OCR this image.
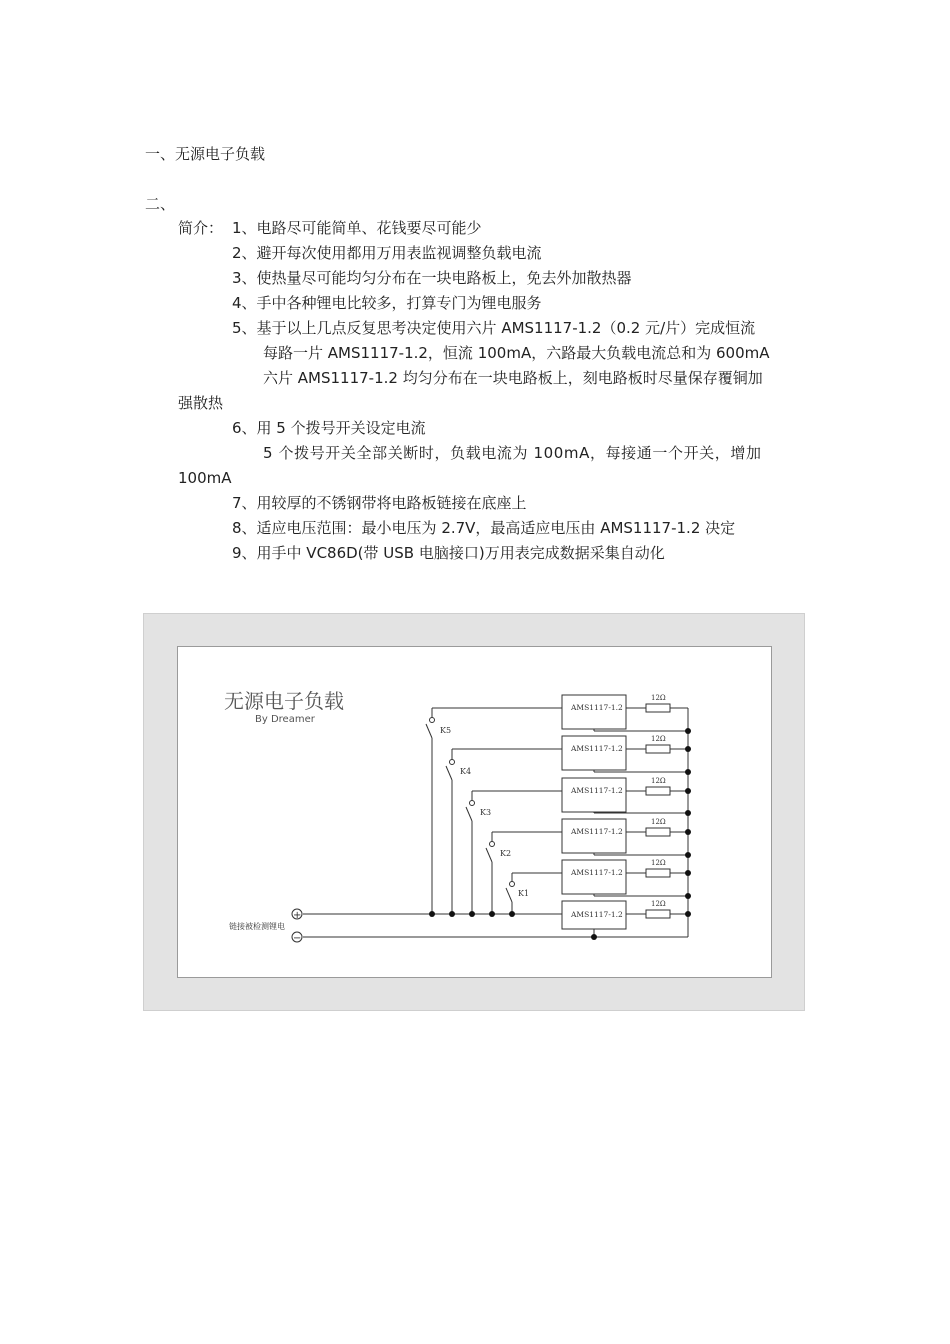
一、无源电子负载
二、
简介： 1、电路尽可能简单、花钱要尽可能少
2、避开每次使用都用万用表监视调整负载电流
3、使热量尽可能均匀分布在一块电路板上，免去外加散热器
4、手中各种锂电比较多，打算专门为锂电服务
5、基于以上几点反复思考决定使用六片 AMS1117-1.2（0.2 元/片）完成恒流
每路一片 AMS1117-1.2，恒流 100mA，六路最大负载电流总和为 600mA
六片 AMS1117-1.2 均匀分布在一块电路板上，刻电路板时尽量保存覆铜加
强散热
6、用 5 个拨号开关设定电流
5 个拨号开关全部关断时，负载电流为 100mA，每接通一个开关，增加
100mA
7、用较厚的不锈钢带将电路板链接在底座上
8、适应电压范围：最小电压为 2.7V，最高适应电压由 AMS1117-1.2 决定
9、用手中 VC86D(带 USB 电脑接口)万用表完成数据采集自动化
无源电子负载
By Dreamer
AMS1117-1.2
AMS1117-1.2
AMS1117-1.2
AMS1117-1.2
AMS1117-1.2
AMS1117-1.2
12Ω
12Ω
12Ω
12Ω
12Ω
12Ω
K5
K4
K3
K2
K1
+
−
链接被检测锂电
